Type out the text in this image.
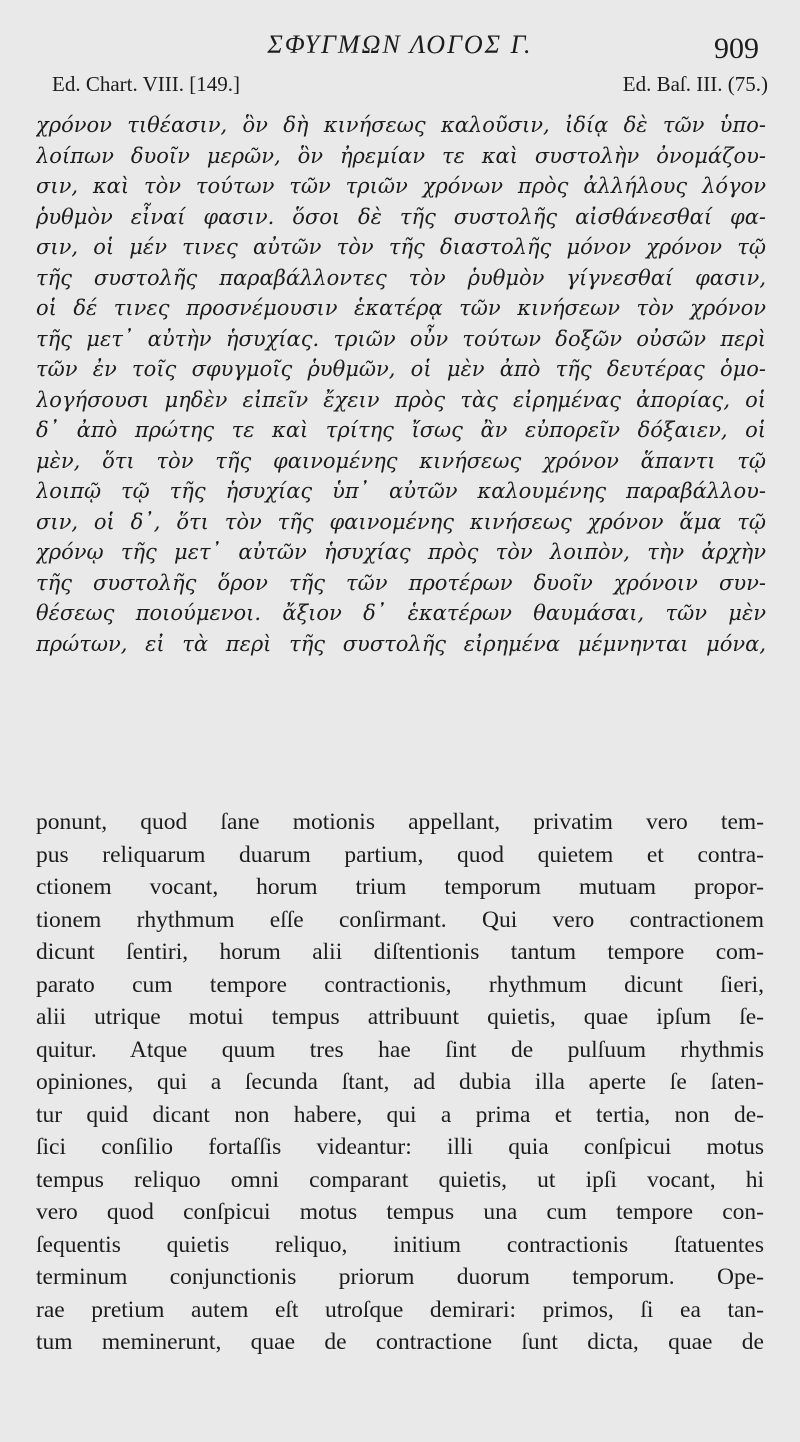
ΣΦΥΓΜΩΝ ΛΟΓΟΣ Γ.	909
Ed. Chart. VIII. [149.]	Ed. Baſ. III. (75.)
χρόνον τιθέασιν, ὃν δὴ κινήσεως καλοῦσιν, ἰδίᾳ δὲ τῶν ὑπο-
λοίπων δυοῖν μερῶν, ὃν ἠρεμίαν τε καὶ συστολὴν ὀνομάζου-
σιν, καὶ τὸν τούτων τῶν τριῶν χρόνων πρὸς ἀλλήλους λόγον
ῥυθμὸν εἶναί φασιν. ὅσοι δὲ τῆς συστολῆς αἰσθάνεσθαί φα-
σιν, οἱ μέν τινες αὐτῶν τὸν τῆς διαστολῆς μόνον χρόνον τῷ
τῆς συστολῆς παραβάλλοντες τὸν ῥυθμὸν γίγνεσθαί φασιν,
οἱ δέ τινες προσνέμουσιν ἑκατέρᾳ τῶν κινήσεων τὸν χρόνον
τῆς μετ᾽ αὐτὴν ἡσυχίας. τριῶν οὖν τούτων δοξῶν οὐσῶν περὶ
τῶν ἐν τοῖς σφυγμοῖς ῥυθμῶν, οἱ μὲν ἀπὸ τῆς δευτέρας ὁμο-
λογήσουσι μηδὲν εἰπεῖν ἔχειν πρὸς τὰς εἰρημένας ἀπορίας, οἱ
δ᾽ ἀπὸ πρώτης τε καὶ τρίτης ἴσως ἂν εὐπορεῖν δόξαιεν, οἱ
μὲν, ὅτι τὸν τῆς φαινομένης κινήσεως χρόνον ἅπαντι τῷ
λοιπῷ τῷ τῆς ἡσυχίας ὑπ᾽ αὐτῶν καλουμένης παραβάλλου-
σιν, οἱ δ᾽, ὅτι τὸν τῆς φαινομένης κινήσεως χρόνον ἅμα τῷ
χρόνῳ τῆς μετ᾽ αὐτῶν ἡσυχίας πρὸς τὸν λοιπὸν, τὴν ἀρχὴν
τῆς συστολῆς ὅρον τῆς τῶν προτέρων δυοῖν χρόνοιν συν-
θέσεως ποιούμενοι. ἄξιον δ᾽ ἑκατέρων θαυμάσαι, τῶν μὲν
πρώτων, εἰ τὰ περὶ τῆς συστολῆς εἰρημένα μέμνηνται μόνα,
ponunt, quod ſane motionis appellant, privatim vero tem-
pus reliquarum duarum partium, quod quietem et contra-
ctionem vocant, horum trium temporum mutuam propor-
tionem rhythmum eſſe conſirmant. Qui vero contractionem
dicunt ſentiri, horum alii diſtentionis tantum tempore com-
parato cum tempore contractionis, rhythmum dicunt ſieri,
alii utrique motui tempus attribuunt quietis, quae ipſum ſe-
quitur. Atque quum tres hae ſint de pulſuum rhythmis
opiniones, qui a ſecunda ſtant, ad dubia illa aperte ſe ſaten-
tur quid dicant non habere, qui a prima et tertia, non de-
ſici conſilio fortaſſis videantur: illi quia conſpicui motus
tempus reliquo omni comparant quietis, ut ipſi vocant, hi
vero quod conſpicui motus tempus una cum tempore con-
ſequentis quietis reliquo, initium contractionis ſtatuentes
terminum conjunctionis priorum duorum temporum. Ope-
rae pretium autem eſt utroſque demirari: primos, ſi ea tan-
tum meminerunt, quae de contractione ſunt dicta, quae de
